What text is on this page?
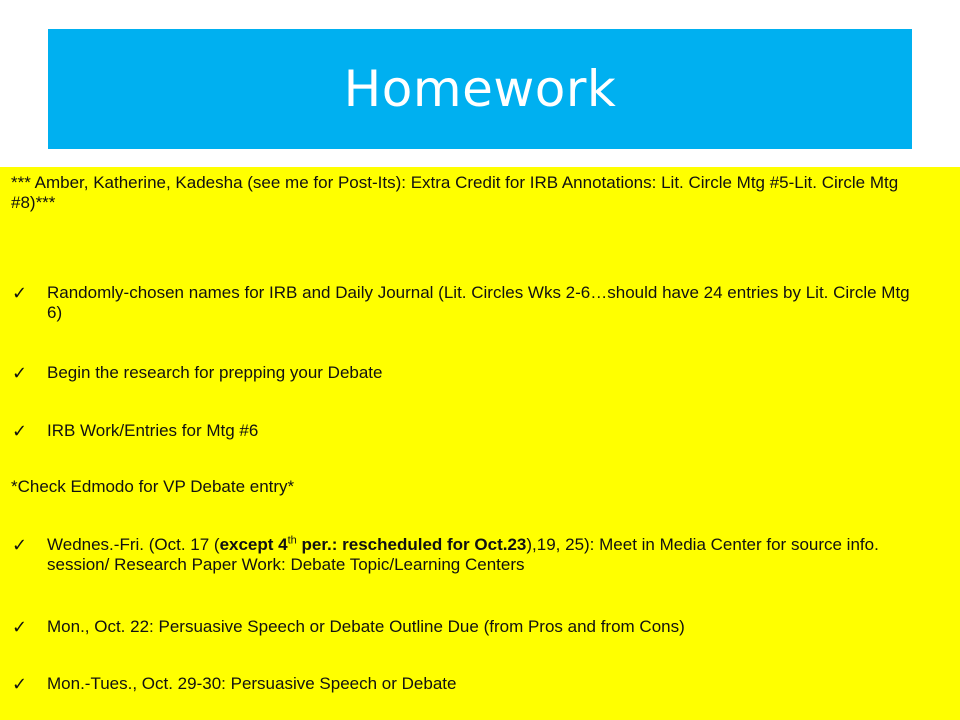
Homework
*** Amber, Katherine, Kadesha (see me for Post-Its): Extra Credit for IRB Annotations: Lit. Circle Mtg #5-Lit. Circle Mtg #8)***
✓	Randomly-chosen names for IRB and Daily Journal (Lit. Circles Wks 2-6…should have 24 entries by Lit. Circle Mtg 6)
✓	Begin the research for prepping your Debate
✓	IRB Work/Entries for Mtg #6
*Check Edmodo for VP Debate entry*
✓	Wednes.-Fri. (Oct. 17 (except 4th per.: rescheduled for Oct.23),19, 25): Meet in Media Center for source info. session/ Research Paper Work: Debate Topic/Learning Centers
✓	Mon., Oct. 22: Persuasive Speech or Debate Outline Due (from Pros and from Cons)
✓	Mon.-Tues., Oct. 29-30: Persuasive Speech or Debate
